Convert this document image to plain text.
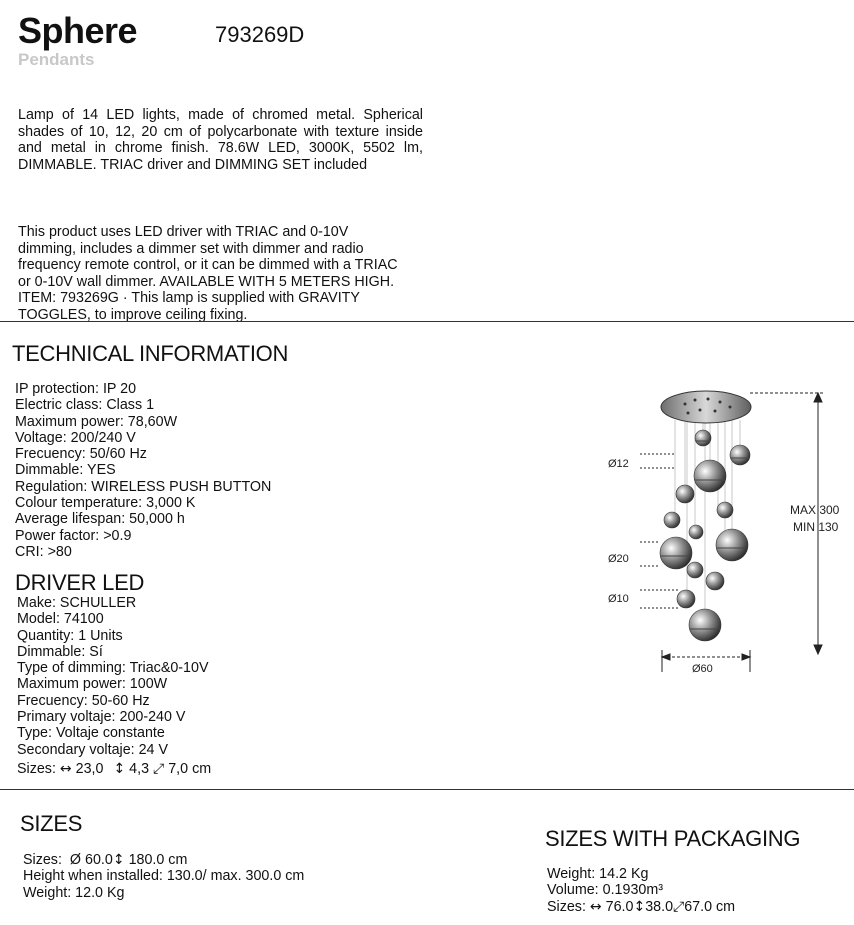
Sphere	793269D
Pendants
Lamp of 14 LED lights, made of chromed metal. Spherical shades of 10, 12, 20 cm of polycarbonate with texture inside and metal in chrome finish. 78.6W LED, 3000K, 5502 lm, DIMMABLE. TRIAC driver and DIMMING SET included
This product uses LED driver with TRIAC and 0-10V dimming, includes a dimmer set with dimmer and radio frequency remote control, or it can be dimmed with a TRIAC or 0-10V wall dimmer. AVAILABLE WITH 5 METERS HIGH. ITEM: 793269G · This lamp is supplied with GRAVITY TOGGLES, to improve ceiling fixing.
TECHNICAL INFORMATION
IP protection: IP 20
Electric class: Class 1
Maximum power: 78,60W
Voltage: 200/240 V
Frecuency: 50/60 Hz
Dimmable: YES
Regulation: WIRELESS PUSH BUTTON
Colour temperature: 3,000 K
Average lifespan: 50,000 h
Power factor: >0.9
CRI: >80
DRIVER LED
Make: SCHULLER
Model: 74100
Quantity: 1 Units
Dimmable: Sí
Type of dimming: Triac&0-10V
Maximum power: 100W
Frecuency: 50-60 Hz
Primary voltaje: 200-240 V
Type: Voltaje constante
Secondary voltaje: 24 V
Sizes: ↔ 23,0 ↕ 4,3 ⤢ 7,0 cm
Ø12
Ø20
Ø10
Ø60
MAX 300
MIN 130
SIZES
Sizes: Ø 60.0↕ 180.0 cm
Height when installed: 130.0/ max. 300.0 cm
Weight: 12.0 Kg
SIZES WITH PACKAGING
Weight: 14.2 Kg
Volume: 0.1930m³
Sizes: ↔ 76.0↕38.0⤢67.0 cm
